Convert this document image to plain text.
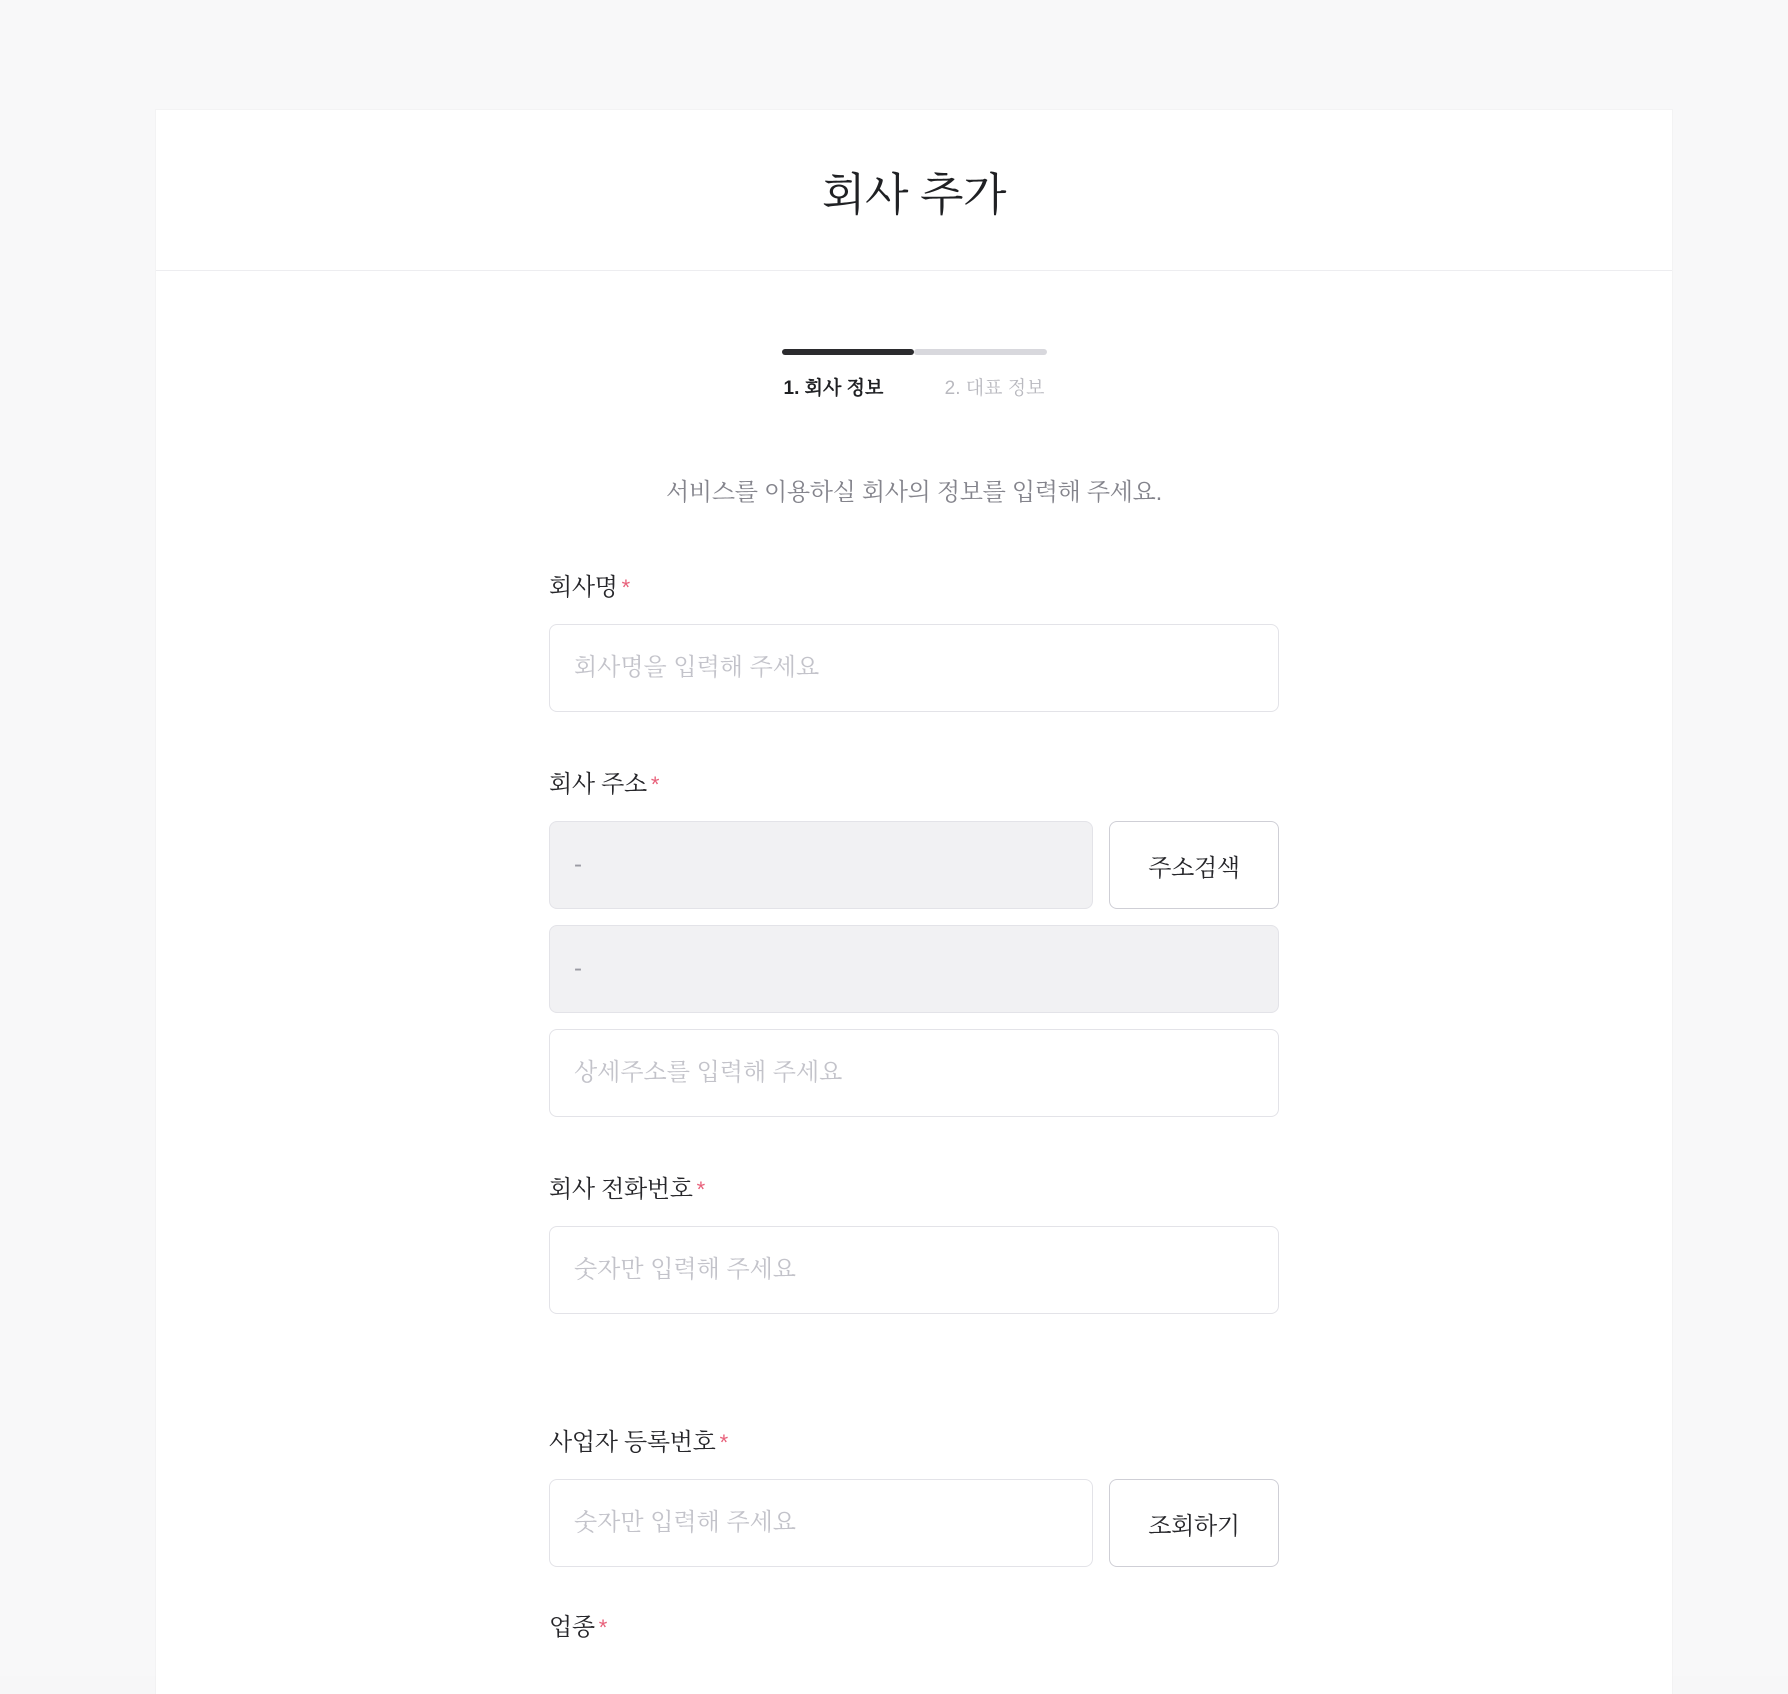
회사 추가
1. 회사 정보	2. 대표 정보
서비스를 이용하실 회사의 정보를 입력해 주세요.
회사명 *
회사명을 입력해 주세요
회사 주소 *
-
주소검색
- 상세주소를 입력해 주세요
회사 전화번호 *
숫자만 입력해 주세요
사업자 등록번호 *
숫자만 입력해 주세요
조회하기
업종 *
